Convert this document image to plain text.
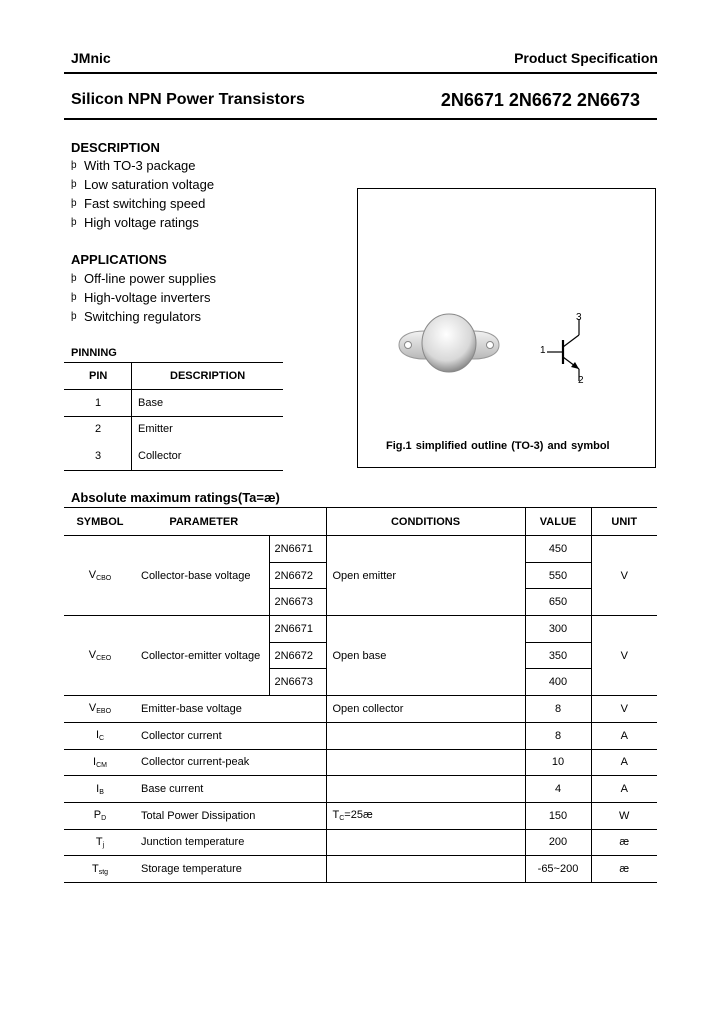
JMnic	Product Specification
Silicon NPN Power Transistors	2N6671 2N6672 2N6673
DESCRIPTION
þ With TO-3 package
þ Low saturation voltage
þ Fast switching speed
þ High voltage ratings
APPLICATIONS
þ Off-line power supplies
þ High-voltage inverters
þ Switching regulators
PINNING
PIN	DESCRIPTION
1	Base
2	Emitter
3	Collector
1
3
2
Fig.1 simplified outline (TO-3) and symbol
Absolute maximum ratings(Ta=æ)
SYMBOL	PARAMETER		CONDITIONS	VALUE	UNIT
$V_{CBO}$	Collector-base voltage	2N6671	Open emitter	450	V
		2N6672		550	
		2N6673		650	
$V_{CEO}$	Collector-emitter voltage	2N6671	Open base	300	V
		2N6672		350	
		2N6673		400	
$V_{EBO}$	Emitter-base voltage		Open collector	8	V
$I_C$	Collector current			8	A
$I_{CM}$	Collector current-peak			10	A
$I_B$	Base current			4	A
$P_D$	Total Power Dissipation		$T_C=25æ$	150	W
$T_j$	Junction temperature			200	æ
$T_{stg}$	Storage temperature			-65~200	æ
